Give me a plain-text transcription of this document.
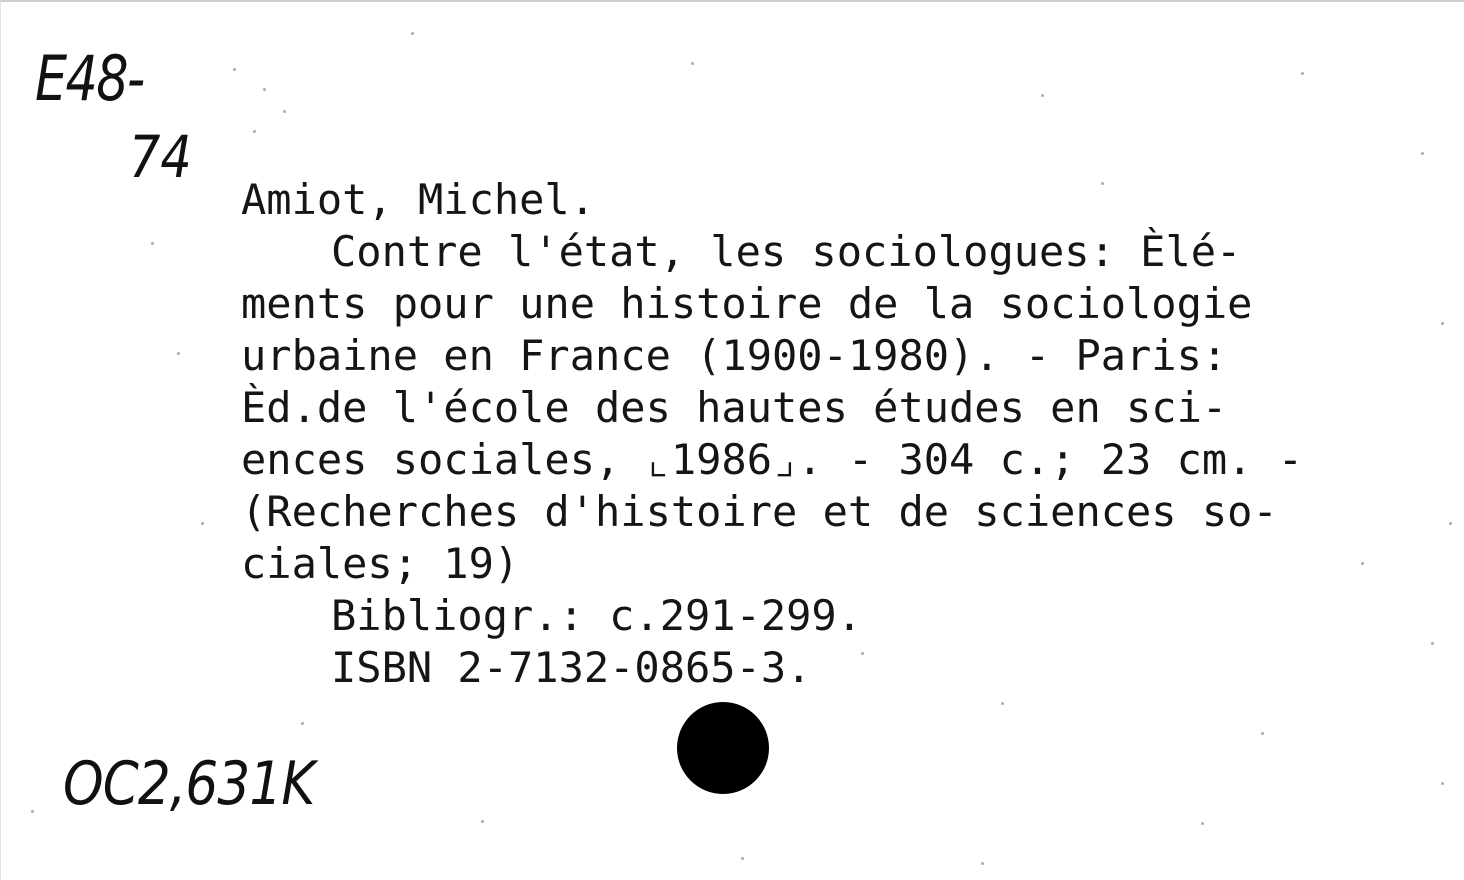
E48-
74
Amiot, Michel.
Contre l'état, les sociologues: Èlé-
ments pour une histoire de la sociologie
urbaine en France (1900-1980). - Paris:
Èd.de l'école des hautes études en sci-
ences sociales, ⌞1986⌟. - 304 c.; 23 cm. -
(Recherches d'histoire et de sciences so-
ciales; 19)
Bibliogr.: c.291-299.
ISBN 2-7132-0865-3.
OC2,631K
